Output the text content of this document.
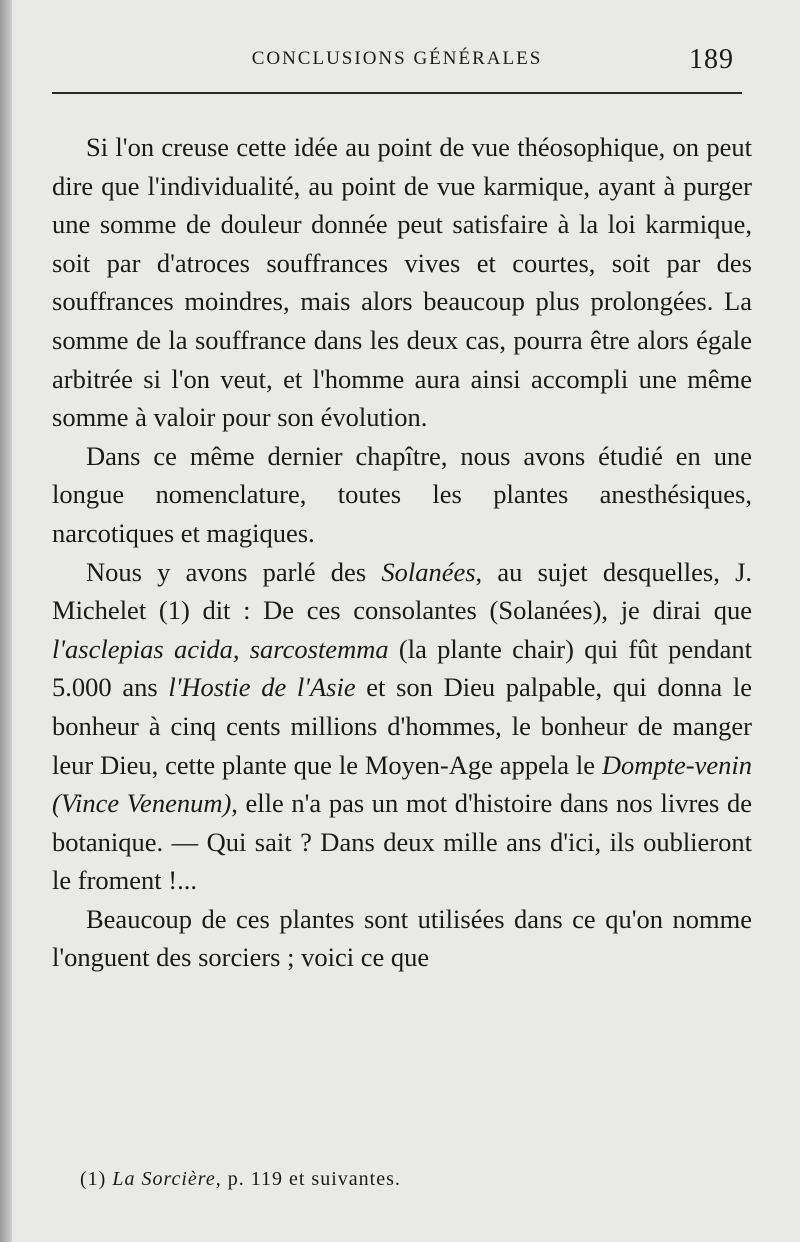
CONCLUSIONS GÉNÉRALES	189

Si l'on creuse cette idée au point de vue théosophique, on peut dire que l'individualité, au point de vue karmique, ayant à purger une somme de douleur donnée peut satisfaire à la loi karmique, soit par d'atroces souffrances vives et courtes, soit par des souffrances moindres, mais alors beaucoup plus prolongées. La somme de la souffrance dans les deux cas, pourra être alors égale arbitrée si l'on veut, et l'homme aura ainsi accompli une même somme à valoir pour son évolution.

Dans ce même dernier chapître, nous avons étudié en une longue nomenclature, toutes les plantes anesthésiques, narcotiques et magiques.

Nous y avons parlé des Solanées, au sujet desquelles, J. Michelet (1) dit : De ces consolantes (Solanées), je dirai que l'asclepias acida, sarcostemma (la plante chair) qui fût pendant 5.000 ans l'Hostie de l'Asie et son Dieu palpable, qui donna le bonheur à cinq cents millions d'hommes, le bonheur de manger leur Dieu, cette plante que le Moyen-Age appela le Dompte-venin (Vince Venenum), elle n'a pas un mot d'histoire dans nos livres de botanique. — Qui sait ? Dans deux mille ans d'ici, ils oublieront le froment !...

Beaucoup de ces plantes sont utilisées dans ce qu'on nomme l'onguent des sorciers ; voici ce que

(1) La Sorcière, p. 119 et suivantes.
